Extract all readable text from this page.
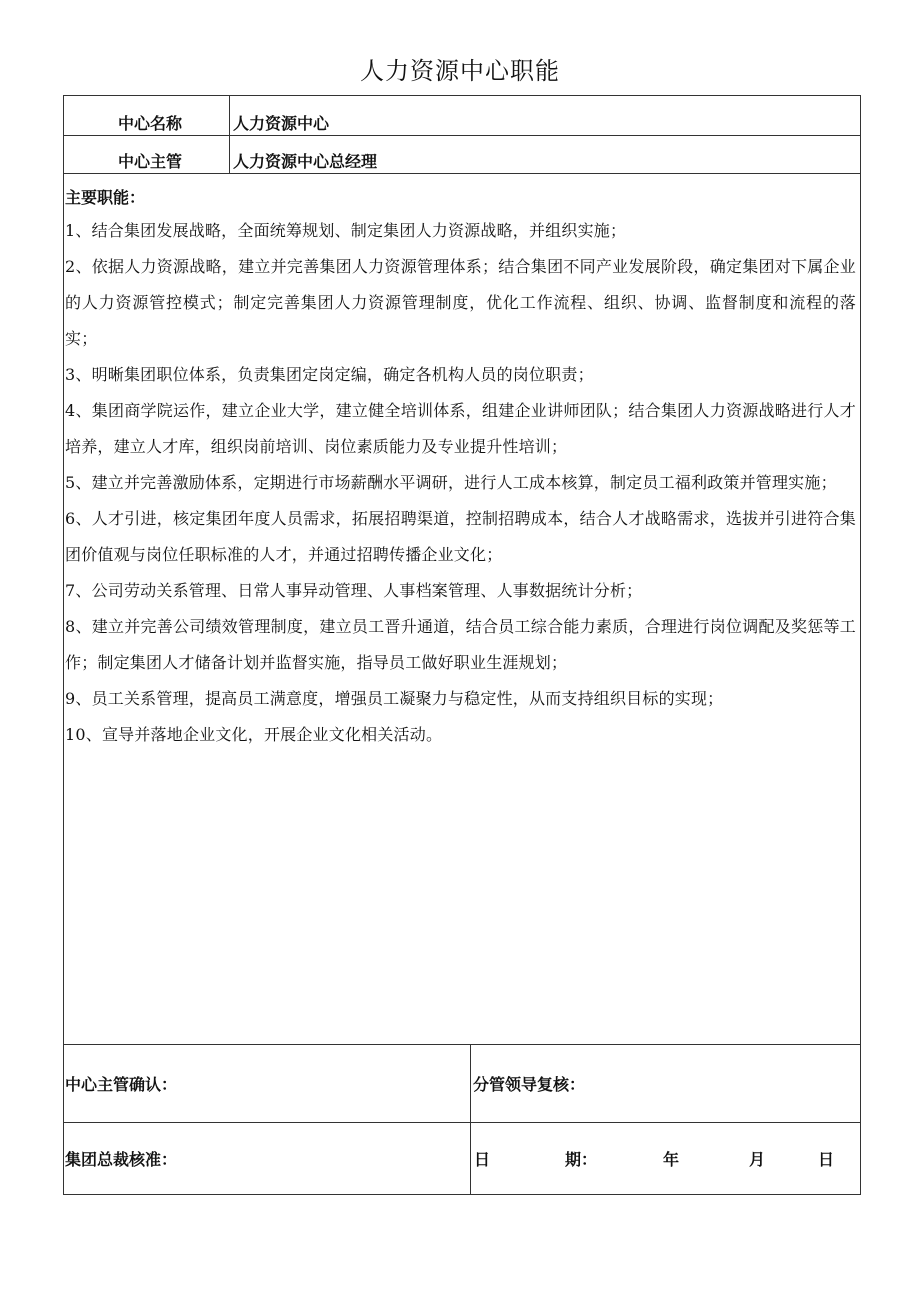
人力资源中心职能
中心名称	人力资源中心
中心主管	人力资源中心总经理

主要职能：

1、结合集团发展战略，全面统筹规划、制定集团人力资源战略，并组织实施；

2、依据人力资源战略，建立并完善集团人力资源管理体系；结合集团不同产业发展阶段，确定集团对下属企业的人力资源管控模式；制定完善集团人力资源管理制度，优化工作流程、组织、协调、监督制度和流程的落实；

3、明晰集团职位体系，负责集团定岗定编，确定各机构人员的岗位职责；

4、集团商学院运作，建立企业大学，建立健全培训体系，组建企业讲师团队；结合集团人力资源战略进行人才培养，建立人才库，组织岗前培训、岗位素质能力及专业提升性培训；

5、建立并完善激励体系，定期进行市场薪酬水平调研，进行人工成本核算，制定员工福利政策并管理实施；

6、人才引进，核定集团年度人员需求，拓展招聘渠道，控制招聘成本，结合人才战略需求，选拔并引进符合集团价值观与岗位任职标准的人才，并通过招聘传播企业文化；

7、公司劳动关系管理、日常人事异动管理、人事档案管理、人事数据统计分析；

8、建立并完善公司绩效管理制度，建立员工晋升通道，结合员工综合能力素质，合理进行岗位调配及奖惩等工作；制定集团人才储备计划并监督实施，指导员工做好职业生涯规划；

9、员工关系管理，提高员工满意度，增强员工凝聚力与稳定性，从而支持组织目标的实现；

10、宣导并落地企业文化，开展企业文化相关活动。

中心主管确认：	分管领导复核：
集团总裁核准：	日	期：	年	月	日
